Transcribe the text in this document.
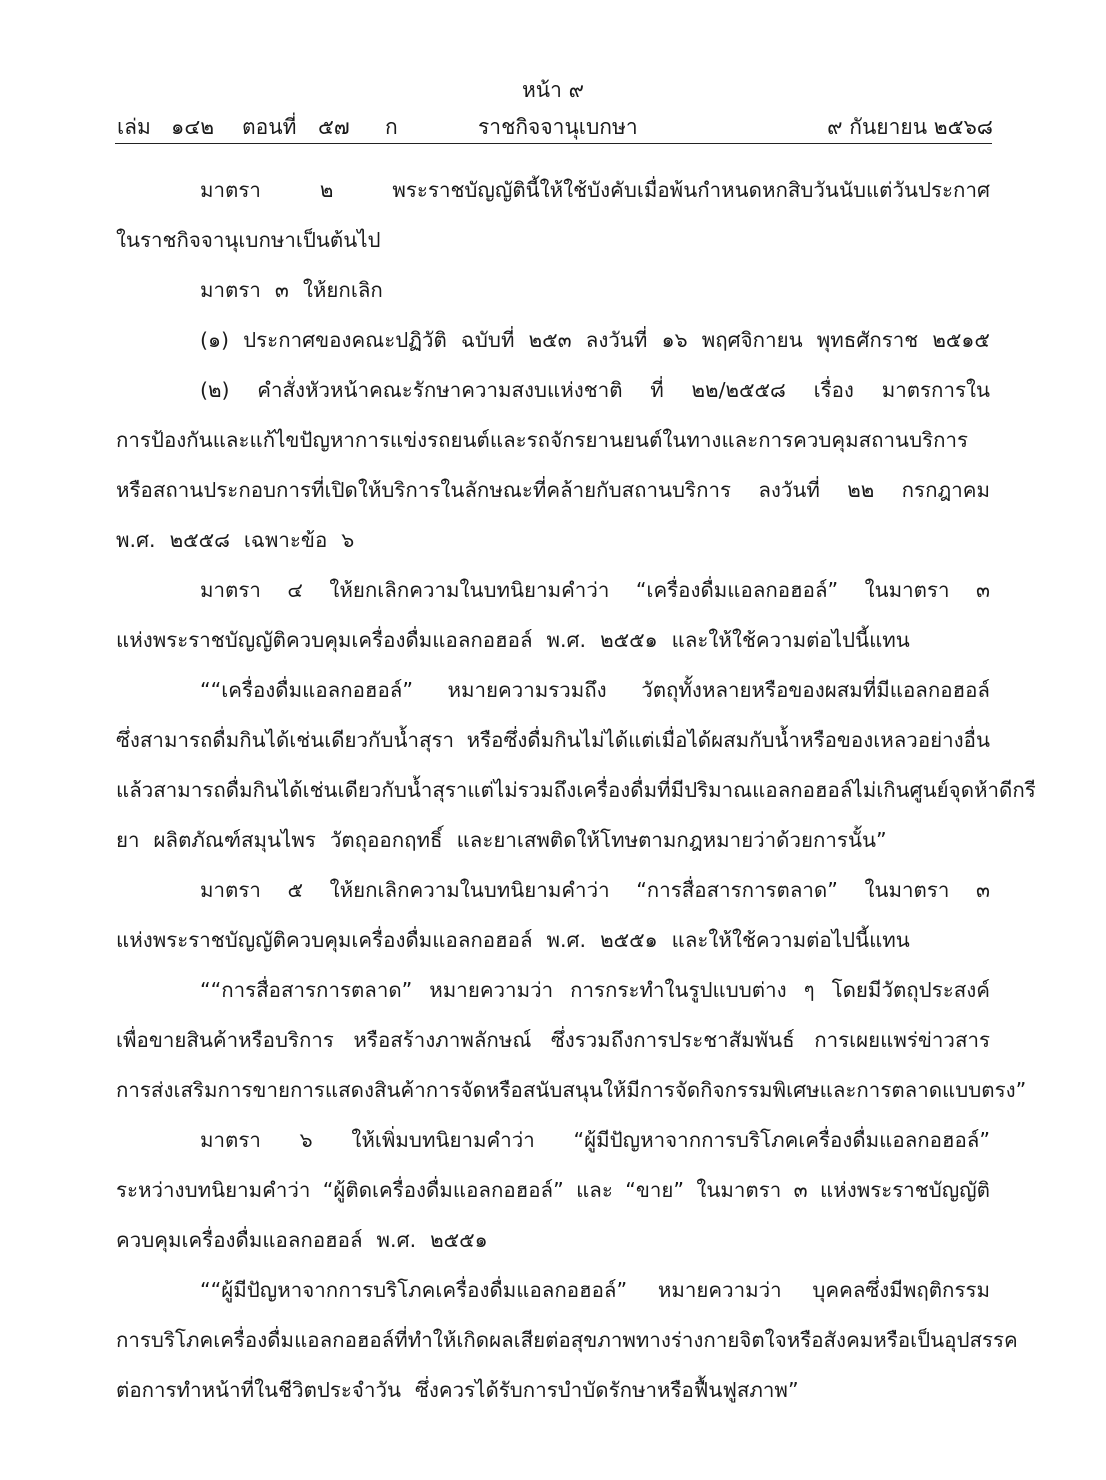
หน้า ๙
เล่ม ๑๔๒ ตอนที่ ๕๗ ก	ราชกิจจานุเบกษา	๙ กันยายน ๒๕๖๘
มาตรา	๒	พระราชบัญญัตินี้ให้ใช้บังคับเมื่อพ้นกำหนดหกสิบวันนับแต่วันประกาศ
ในราชกิจจานุเบกษาเป็นต้นไป
มาตรา ๓ ให้ยกเลิก
(๑) ประกาศของคณะปฏิวัติ ฉบับที่ ๒๕๓ ลงวันที่ ๑๖ พฤศจิกายน พุทธศักราช ๒๕๑๕
(๒) คำสั่งหัวหน้าคณะรักษาความสงบแห่งชาติ ที่ ๒๒/๒๕๕๘ เรื่อง มาตรการใน
การป้องกันและแก้ไขปัญหาการแข่งรถยนต์และรถจักรยานยนต์ในทางและการควบคุมสถานบริการ
หรือสถานประกอบการที่เปิดให้บริการในลักษณะที่คล้ายกับสถานบริการ ลงวันที่ ๒๒ กรกฎาคม
พ.ศ. ๒๕๕๘ เฉพาะข้อ ๖
มาตรา ๔ ให้ยกเลิกความในบทนิยามคำว่า “เครื่องดื่มแอลกอฮอล์” ในมาตรา ๓
แห่งพระราชบัญญัติควบคุมเครื่องดื่มแอลกอฮอล์ พ.ศ. ๒๕๕๑ และให้ใช้ความต่อไปนี้แทน
““เครื่องดื่มแอลกอฮอล์” หมายความรวมถึง วัตถุทั้งหลายหรือของผสมที่มีแอลกอฮอล์
ซึ่งสามารถดื่มกินได้เช่นเดียวกับน้ำสุรา หรือซึ่งดื่มกินไม่ได้แต่เมื่อได้ผสมกับน้ำหรือของเหลวอย่างอื่น
แล้วสามารถดื่มกินได้เช่นเดียวกับน้ำสุรา แต่ไม่รวมถึงเครื่องดื่มที่มีปริมาณแอลกอฮอล์ไม่เกินศูนย์จุดห้าดีกรี
ยา ผลิตภัณฑ์สมุนไพร วัตถุออกฤทธิ์ และยาเสพติดให้โทษตามกฎหมายว่าด้วยการนั้น”
มาตรา ๕ ให้ยกเลิกความในบทนิยามคำว่า “การสื่อสารการตลาด” ในมาตรา ๓
แห่งพระราชบัญญัติควบคุมเครื่องดื่มแอลกอฮอล์ พ.ศ. ๒๕๕๑ และให้ใช้ความต่อไปนี้แทน
““การสื่อสารการตลาด” หมายความว่า การกระทำในรูปแบบต่าง ๆ โดยมีวัตถุประสงค์
เพื่อขายสินค้าหรือบริการ หรือสร้างภาพลักษณ์ ซึ่งรวมถึงการประชาสัมพันธ์ การเผยแพร่ข่าวสาร
การส่งเสริมการขาย การแสดงสินค้า การจัดหรือสนับสนุนให้มีการจัดกิจกรรมพิเศษ และการตลาดแบบตรง”
มาตรา ๖ ให้เพิ่มบทนิยามคำว่า “ผู้มีปัญหาจากการบริโภคเครื่องดื่มแอลกอฮอล์”
ระหว่างบทนิยามคำว่า “ผู้ติดเครื่องดื่มแอลกอฮอล์” และ “ขาย” ในมาตรา ๓ แห่งพระราชบัญญัติ
ควบคุมเครื่องดื่มแอลกอฮอล์ พ.ศ. ๒๕๕๑
““ผู้มีปัญหาจากการบริโภคเครื่องดื่มแอลกอฮอล์” หมายความว่า บุคคลซึ่งมีพฤติกรรม
การบริโภคเครื่องดื่มแอลกอฮอล์ที่ทำให้เกิดผลเสียต่อสุขภาพทางร่างกาย จิตใจหรือสังคม หรือเป็นอุปสรรค
ต่อการทำหน้าที่ในชีวิตประจำวัน ซึ่งควรได้รับการบำบัดรักษาหรือฟื้นฟูสภาพ”
